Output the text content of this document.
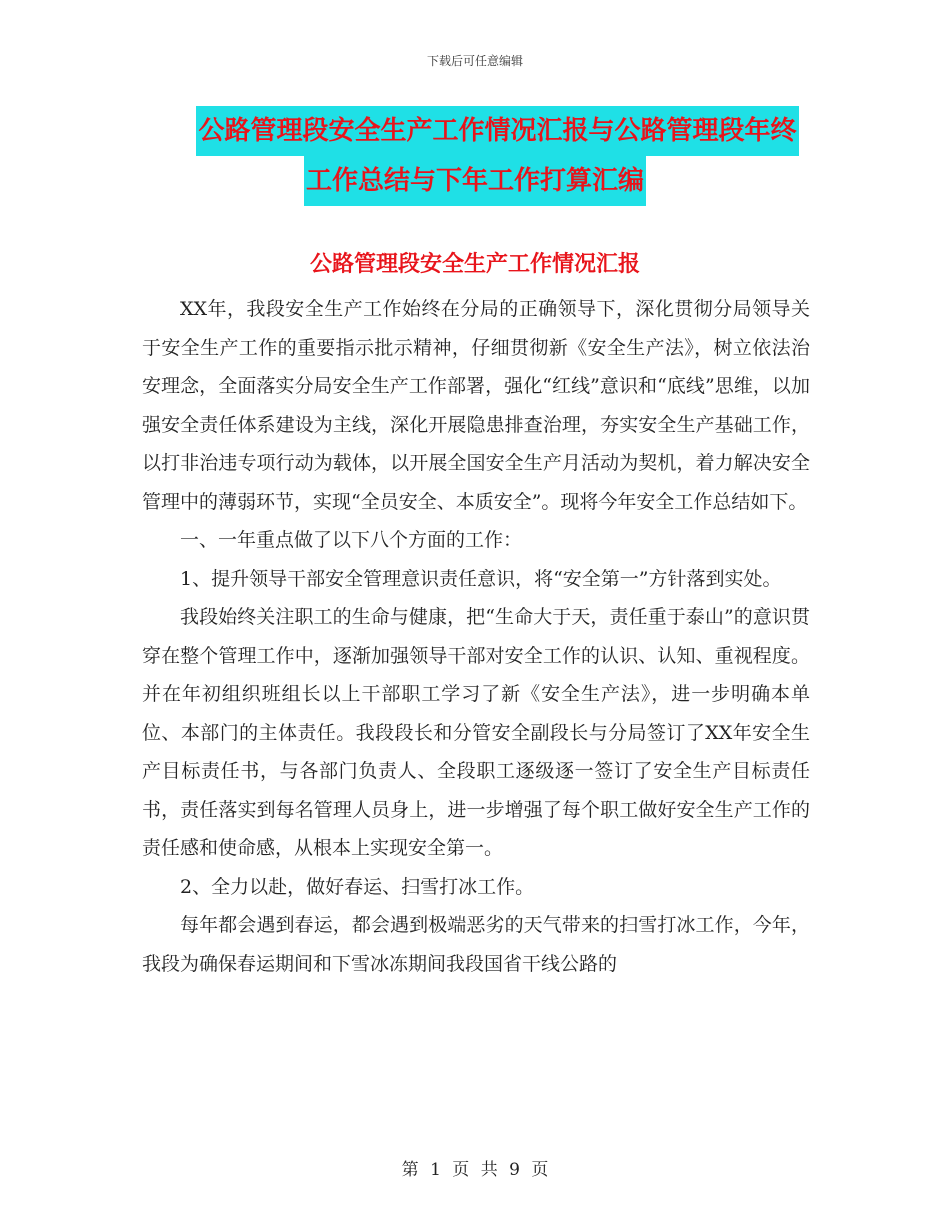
下载后可任意编辑
公路管理段安全生产工作情况汇报与公路管理段年终
工作总结与下年工作打算汇编
公路管理段安全生产工作情况汇报

XX年，我段安全生产工作始终在分局的正确领导下，深化贯彻分局领导关于安全生产工作的重要指示批示精神，仔细贯彻新《安全生产法》，树立依法治安理念，全面落实分局安全生产工作部署，强化“红线”意识和“底线”思维，以加强安全责任体系建设为主线，深化开展隐患排查治理，夯实安全生产基础工作，以打非治违专项行动为载体，以开展全国安全生产月活动为契机，着力解决安全管理中的薄弱环节，实现“全员安全、本质安全”。现将今年安全工作总结如下。

一、一年重点做了以下八个方面的工作：

1、提升领导干部安全管理意识责任意识，将“安全第一”方针落到实处。

我段始终关注职工的生命与健康，把“生命大于天，责任重于泰山”的意识贯穿在整个管理工作中，逐渐加强领导干部对安全工作的认识、认知、重视程度。并在年初组织班组长以上干部职工学习了新《安全生产法》，进一步明确本单位、本部门的主体责任。我段段长和分管安全副段长与分局签订了XX年安全生产目标责任书，与各部门负责人、全段职工逐级逐一签订了安全生产目标责任书，责任落实到每名管理人员身上，进一步增强了每个职工做好安全生产工作的责任感和使命感，从根本上实现安全第一。

2、全力以赴，做好春运、扫雪打冰工作。

每年都会遇到春运，都会遇到极端恶劣的天气带来的扫雪打冰工作，今年，我段为确保春运期间和下雪冰冻期间我段国省干线公路的

第 1 页 共 9 页
